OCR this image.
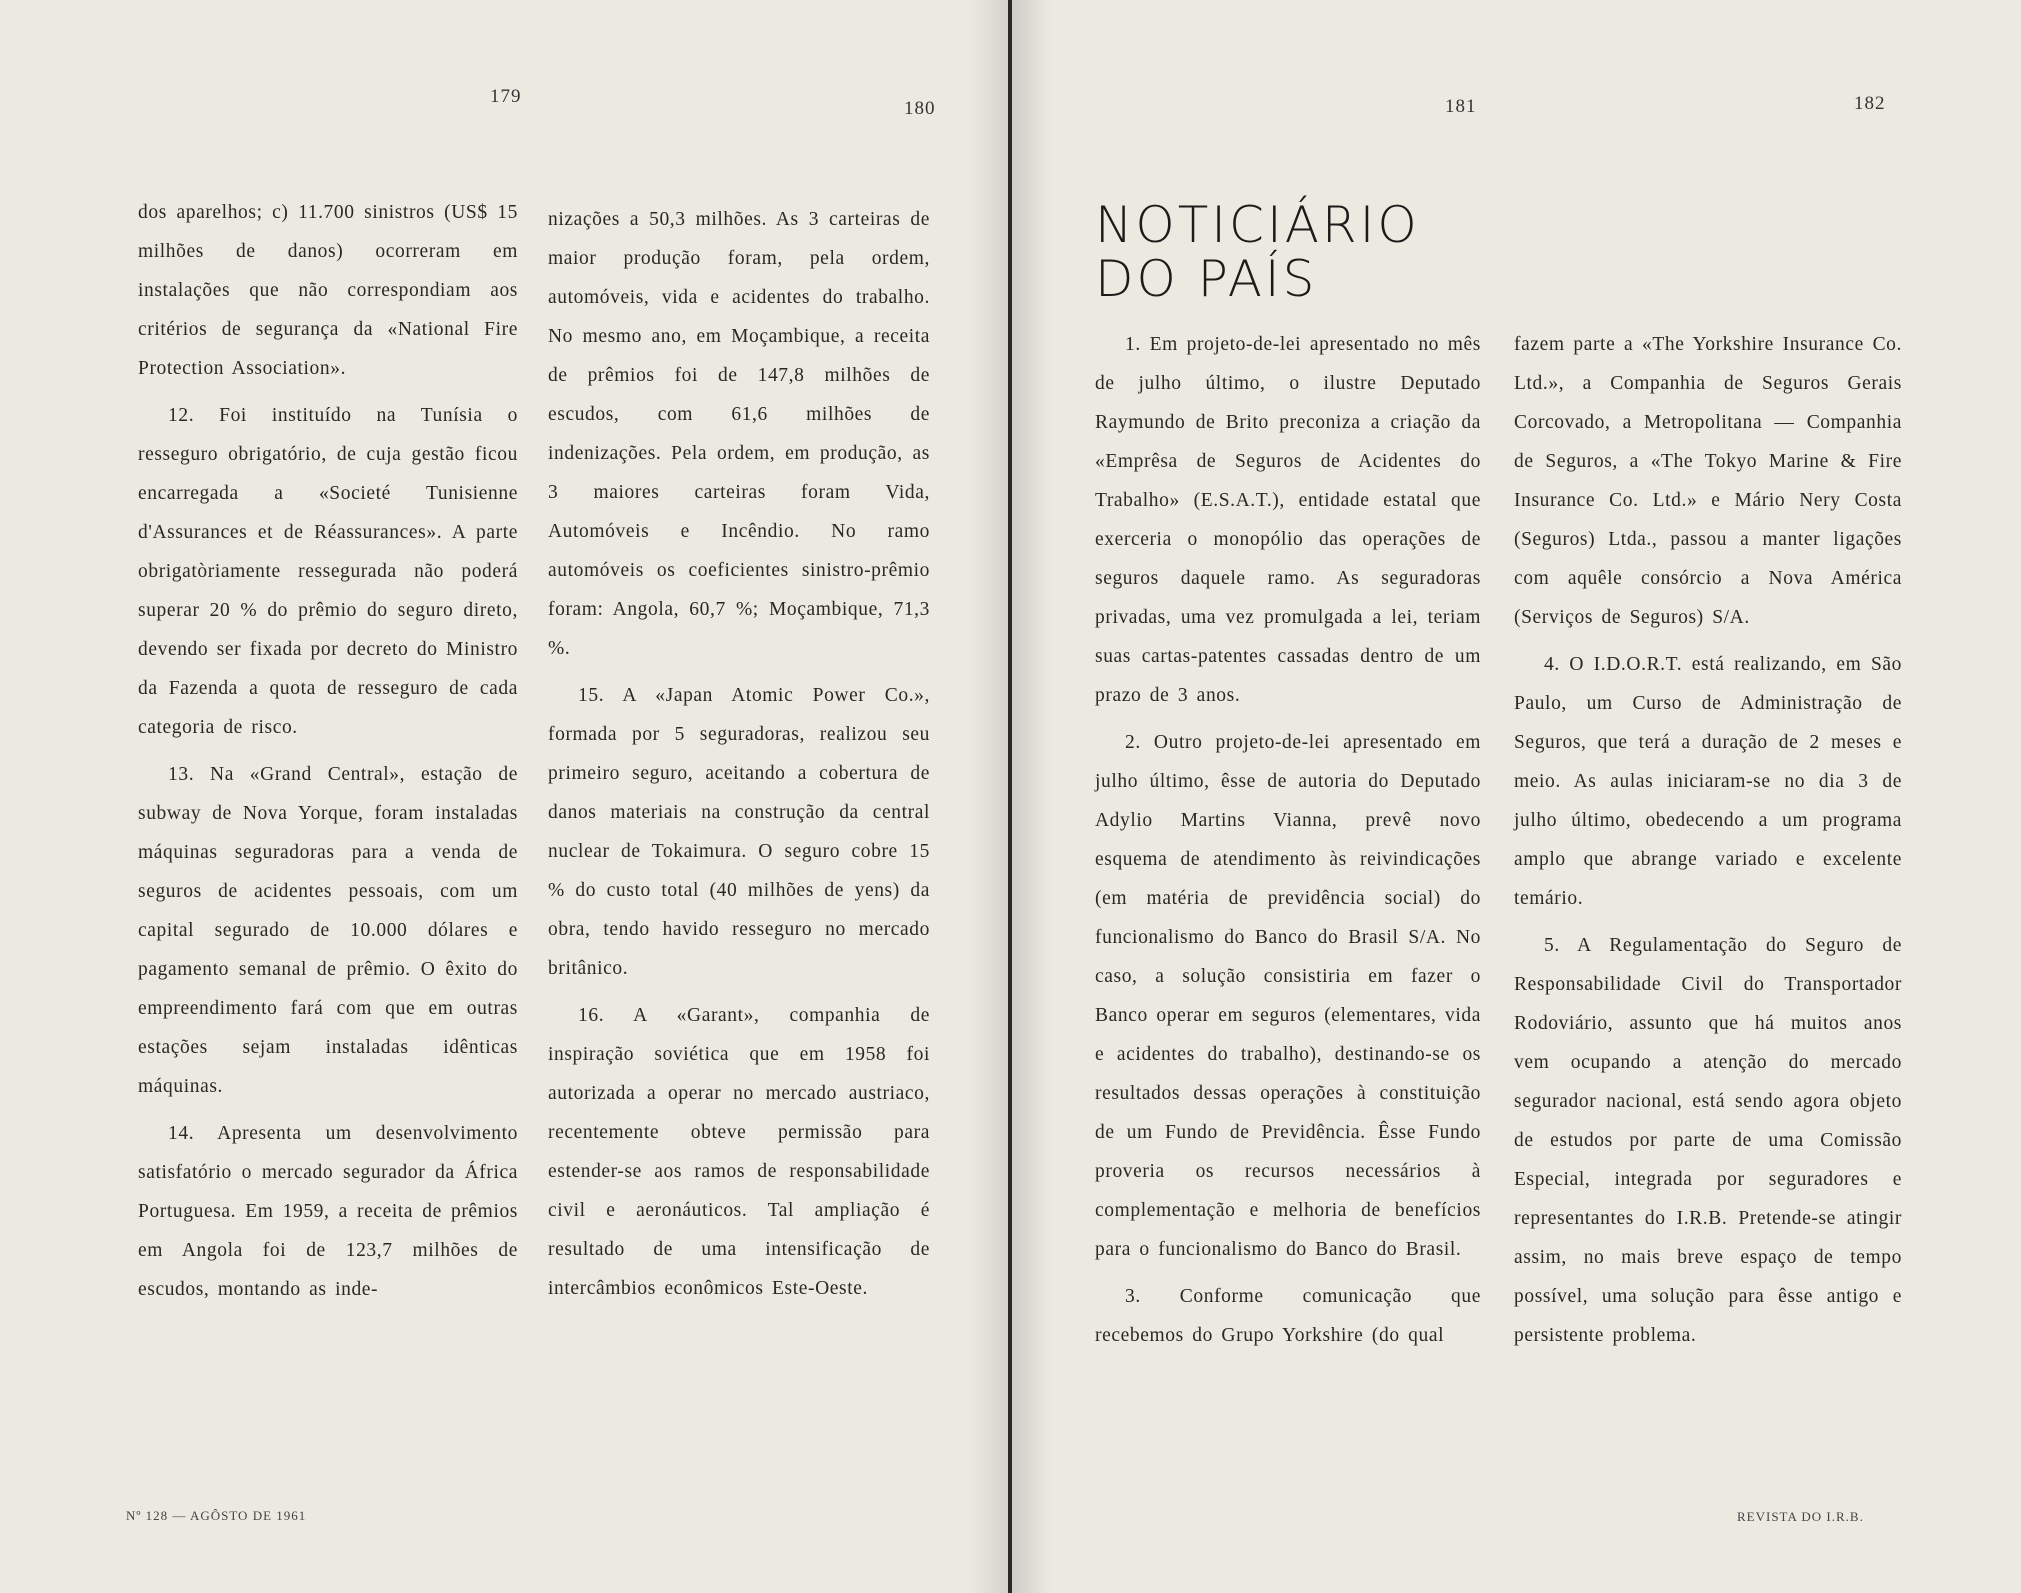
179
180

dos aparelhos; c) 11.700 sinistros (US$ 15 milhões de danos) ocorreram em instalações que não correspondiam aos critérios de segurança da «National Fire Protection Association».

12. Foi instituído na Tunísia o resseguro obrigatório, de cuja gestão ficou encarregada a «Societé Tunisienne d'Assurances et de Réassurances». A parte obrigatòriamente ressegurada não poderá superar 20 % do prêmio do seguro direto, devendo ser fixada por decreto do Ministro da Fazenda a quota de resseguro de cada categoria de risco.

13. Na «Grand Central», estação de subway de Nova Yorque, foram instaladas máquinas seguradoras para a venda de seguros de acidentes pessoais, com um capital segurado de 10.000 dólares e pagamento semanal de prêmio. O êxito do empreendimento fará com que em outras estações sejam instaladas idênticas máquinas.

14. Apresenta um desenvolvimento satisfatório o mercado segurador da África Portuguesa. Em 1959, a receita de prêmios em Angola foi de 123,7 milhões de escudos, montando as inde-

nizações a 50,3 milhões. As 3 carteiras de maior produção foram, pela ordem, automóveis, vida e acidentes do trabalho. No mesmo ano, em Moçambique, a receita de prêmios foi de 147,8 milhões de escudos, com 61,6 milhões de indenizações. Pela ordem, em produção, as 3 maiores carteiras foram Vida, Automóveis e Incêndio. No ramo automóveis os coeficientes sinistro-prêmio foram: Angola, 60,7 %; Moçambique, 71,3 %.

15. A «Japan Atomic Power Co.», formada por 5 seguradoras, realizou seu primeiro seguro, aceitando a cobertura de danos materiais na construção da central nuclear de Tokaimura. O seguro cobre 15 % do custo total (40 milhões de yens) da obra, tendo havido resseguro no mercado britânico.

16. A «Garant», companhia de inspiração soviética que em 1958 foi autorizada a operar no mercado austriaco, recentemente obteve permissão para estender-se aos ramos de responsabilidade civil e aeronáuticos. Tal ampliação é resultado de uma intensificação de intercâmbios econômicos Este-Oeste.

Nº 128 — AGÔSTO DE 1961
181	182

1. Em projeto-de-lei apresentado no mês de julho último, o ilustre Deputado Raymundo de Brito preconiza a criação da «Emprêsa de Seguros de Acidentes do Trabalho» (E.S.A.T.), entidade estatal que exerceria o monopólio das operações de seguros daquele ramo. As seguradoras privadas, uma vez promulgada a lei, teriam suas cartas-patentes cassadas dentro de um prazo de 3 anos.

2. Outro projeto-de-lei apresentado em julho último, êsse de autoria do Deputado Adylio Martins Vianna, prevê novo esquema de atendimento às reivindicações (em matéria de previdência social) do funcionalismo do Banco do Brasil S/A. No caso, a solução consistiria em fazer o Banco operar em seguros (elementares, vida e acidentes do trabalho), destinando-se os resultados dessas operações à constituição de um Fundo de Previdência. Êsse Fundo proveria os recursos necessários à complementação e melhoria de benefícios para o funcionalismo do Banco do Brasil.

3. Conforme comunicação que recebemos do Grupo Yorkshire (do qual

fazem parte a «The Yorkshire Insurance Co. Ltd.», a Companhia de Seguros Gerais Corcovado, a Metropolitana — Companhia de Seguros, a «The Tokyo Marine & Fire Insurance Co. Ltd.» e Mário Nery Costa (Seguros) Ltda., passou a manter ligações com aquêle consórcio a Nova América (Serviços de Seguros) S/A.

4. O I.D.O.R.T. está realizando, em São Paulo, um Curso de Administração de Seguros, que terá a duração de 2 meses e meio. As aulas iniciaram-se no dia 3 de julho último, obedecendo a um programa amplo que abrange variado e excelente temário.

5. A Regulamentação do Seguro de Responsabilidade Civil do Transportador Rodoviário, assunto que há muitos anos vem ocupando a atenção do mercado segurador nacional, está sendo agora objeto de estudos por parte de uma Comissão Especial, integrada por seguradores e representantes do I.R.B. Pretende-se atingir assim, no mais breve espaço de tempo possível, uma solução para êsse antigo e persistente problema.

REVISTA DO I.R.B.
NOTICIÁRIO
DO PAÍS
